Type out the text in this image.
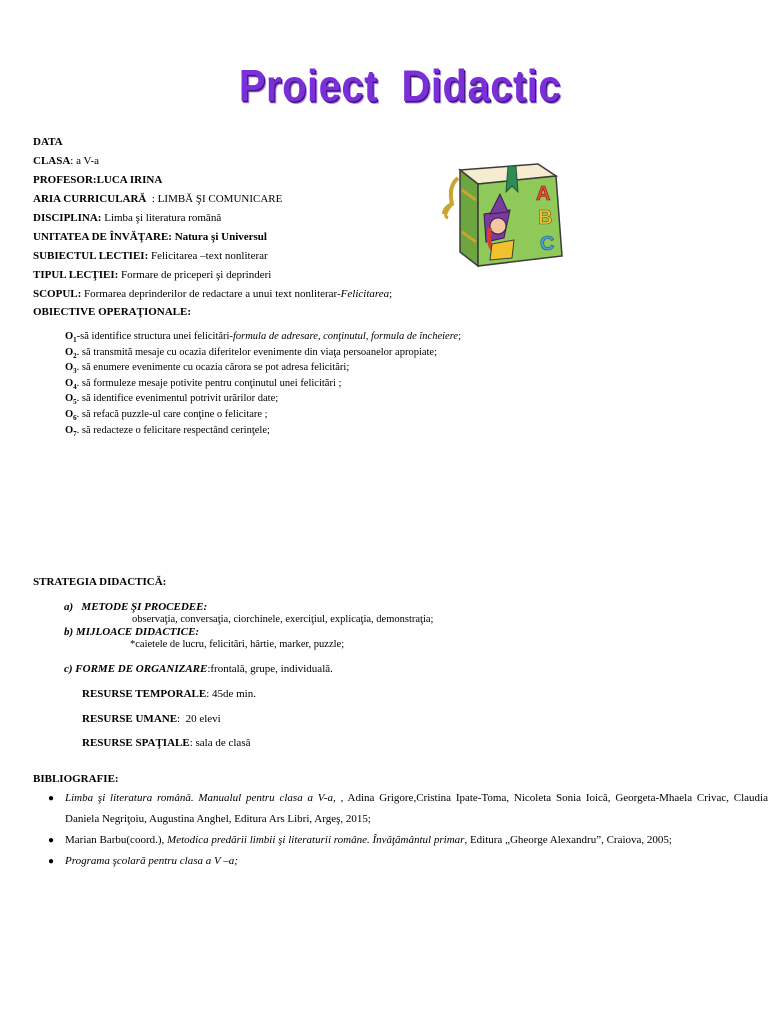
Proiect Didactic
DATA
CLASA: a V-a
PROFESOR:LUCA IRINA
ARIA CURRICULARĂ  : LIMBĂ ŞI COMUNICARE
DISCIPLINA: Limba şi literatura română
UNITATEA DE ÎNVĂŢARE: Natura şi Universul
SUBIECTUL LECTIEI: Felicitarea –text nonliterar
TIPUL LECŢIEI: Formare de priceperi şi deprinderi
SCOPUL: Formarea deprinderilor de redactare a unui text nonliterar-Felicitarea;
OBIECTIVE OPERAŢIONALE:
A
B
C
$O_1-să$ identifice structura unei felicitări-formula de adresare, conţinutul, formula de încheiere;
$O_2$. să transmită mesaje cu ocazia diferitelor evenimente din viaţa persoanelor apropiate;
$O_3$. să enumere evenimente cu ocazia cărora se pot adresa felicitări;
$O_4$. să formuleze mesaje potivite pentru conţinutul unei felicitări ;
$O_5$. să identifice evenimentul potrivit urărilor date;
$O_6$. să refacă puzzle-ul care conţine o felicitare ;
$O_7$. să redacteze o felicitare respectând cerinţele;
STRATEGIA DIDACTICĂ:
a)   METODE ŞI PROCEDEE:
observaţia, conversaţia, ciorchinele, exerciţiul, explicaţia, demonstraţia;
b) MIJLOACE DIDACTICE:
*caietele de lucru, felicitări, hârtie, marker, puzzle;
c) FORME DE ORGANIZARE:frontală, grupe, individuală.
RESURSE TEMPORALE: 45de min.
RESURSE UMANE:  20 elevi
RESURSE SPAŢIALE: sala de clasă
BIBLIOGRAFIE:
● Limba şi literatura română. Manualul pentru clasa a V-a, , Adina Grigore,Cristina Ipate-Toma, Nicoleta Sonia Ioică, Georgeta-Mhaela Crivac, Claudia Daniela Negriţoiu, Augustina Anghel, Editura Ars Libri, Argeş, 2015;
● Marian Barbu(coord.), Metodica predării limbii şi literaturii române. Învăţământul primar, Editura „Gheorge Alexandru”, Craiova, 2005;
● Programa şcolară pentru clasa a V –a;
